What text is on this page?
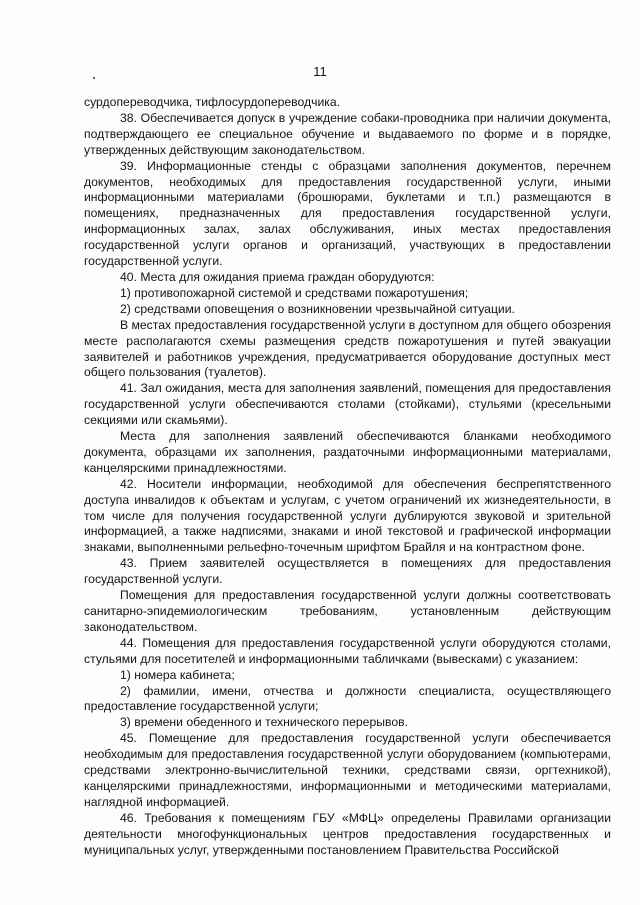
11

сурдопереводчика, тифлосурдопереводчика.

38. Обеспечивается допуск в учреждение собаки-проводника при наличии документа, подтверждающего ее специальное обучение и выдаваемого по форме и в порядке, утвержденных действующим законодательством.

39. Информационные стенды с образцами заполнения документов, перечнем документов, необходимых для предоставления государственной услуги, иными информационными материалами (брошюрами, буклетами и т.п.) размещаются в помещениях, предназначенных для предоставления государственной услуги, информационных залах, залах обслуживания, иных местах предоставления государственной услуги органов и организаций, участвующих в предоставлении государственной услуги.

40. Места для ожидания приема граждан оборудуются:

1) противопожарной системой и средствами пожаротушения;

2) средствами оповещения о возникновении чрезвычайной ситуации.

В местах предоставления государственной услуги в доступном для общего обозрения месте располагаются схемы размещения средств пожаротушения и путей эвакуации заявителей и работников учреждения, предусматривается оборудование доступных мест общего пользования (туалетов).

41. Зал ожидания, места для заполнения заявлений, помещения для предоставления государственной услуги обеспечиваются столами (стойками), стульями (кресельными секциями или скамьями).

Места для заполнения заявлений обеспечиваются бланками необходимого документа, образцами их заполнения, раздаточными информационными материалами, канцелярскими принадлежностями.

42. Носители информации, необходимой для обеспечения беспрепятственного доступа инвалидов к объектам и услугам, с учетом ограничений их жизнедеятельности, в том числе для получения государственной услуги дублируются звуковой и зрительной информацией, а также надписями, знаками и иной текстовой и графической информации знаками, выполненными рельефно-точечным шрифтом Брайля и на контрастном фоне.

43. Прием заявителей осуществляется в помещениях для предоставления государственной услуги.

Помещения для предоставления государственной услуги должны соответствовать санитарно-эпидемиологическим требованиям, установленным действующим законодательством.

44. Помещения для предоставления государственной услуги оборудуются столами, стульями для посетителей и информационными табличками (вывесками) с указанием:

1) номера кабинета;

2) фамилии, имени, отчества и должности специалиста, осуществляющего предоставление государственной услуги;

3) времени обеденного и технического перерывов.

45. Помещение для предоставления государственной услуги обеспечивается необходимым для предоставления государственной услуги оборудованием (компьютерами, средствами электронно-вычислительной техники, средствами связи, оргтехникой), канцелярскими принадлежностями, информационными и методическими материалами, наглядной информацией.

46. Требования к помещениям ГБУ «МФЦ» определены Правилами организации деятельности многофункциональных центров предоставления государственных и муниципальных услуг, утвержденными постановлением Правительства Российской
